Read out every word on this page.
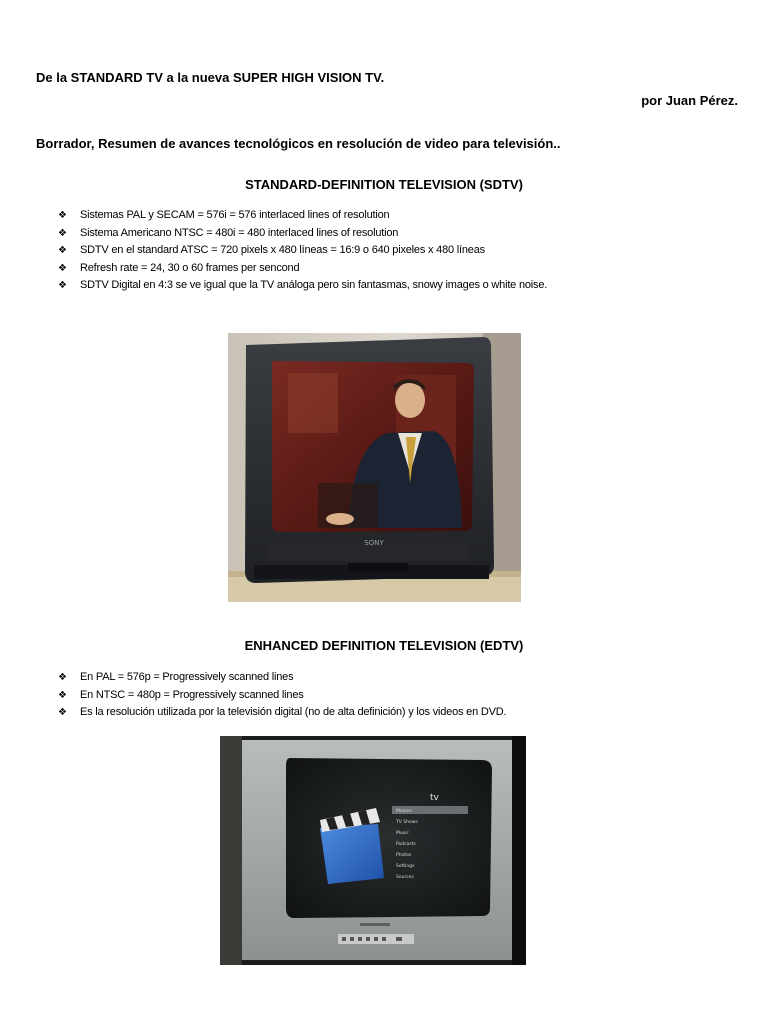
De la STANDARD TV a la nueva SUPER HIGH VISION TV.
por Juan Pérez.
Borrador, Resumen de avances tecnológicos en resolución de video para televisión..
STANDARD-DEFINITION TELEVISION (SDTV)
❖	Sistemas PAL y SECAM = 576i = 576 interlaced lines of resolution
❖	Sistema Americano NTSC = 480i = 480 interlaced lines of resolution
❖	SDTV en el standard ATSC = 720 pixels x 480 líneas = 16:9 o 640 pixeles x 480 líneas
❖	Refresh rate = 24, 30 o 60 frames per sencond
❖	SDTV Digital en 4:3 se ve igual que la TV análoga pero sin fantasmas, snowy images o white noise.
SONY
ENHANCED DEFINITION TELEVISION (EDTV)
❖	En PAL = 576p = Progressively scanned lines
❖	En NTSC = 480p = Progressively scanned lines
❖	Es la resolución utilizada por la televisión digital (no de alta definición) y los videos en DVD.
tv
Movies
TV Shows
Music
Podcasts
Photos
Settings
Sources
